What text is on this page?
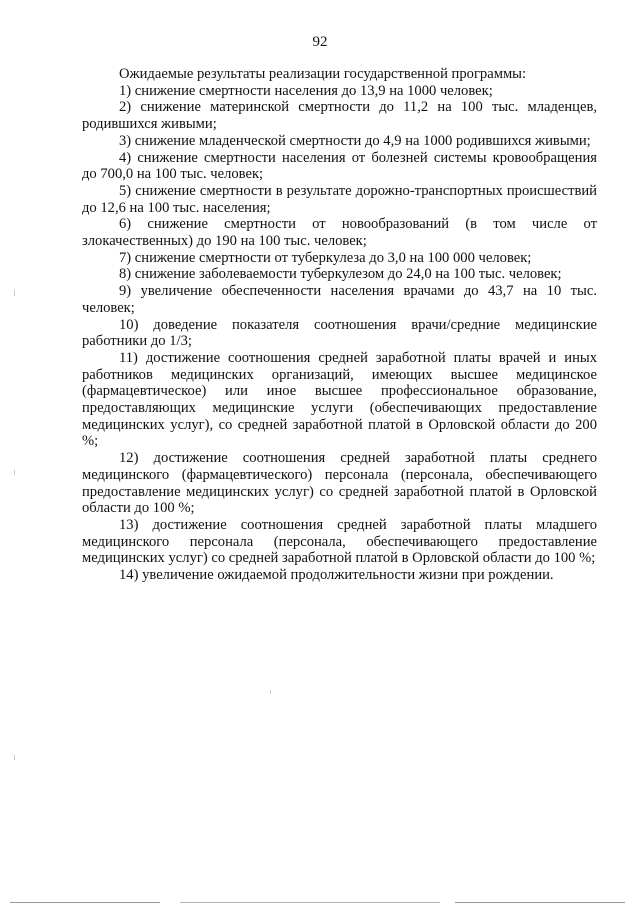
92

Ожидаемые результаты реализации государственной программы:

1) снижение смертности населения до 13,9 на 1000 человек;

2) снижение материнской смертности до 11,2 на 100 тыс. младенцев, родившихся живыми;

3) снижение младенческой смертности до 4,9 на 1000 родившихся живыми;

4) снижение смертности населения от болезней системы кровообращения до 700,0 на 100 тыс. человек;

5) снижение смертности в результате дорожно-транспортных происшествий до 12,6 на 100 тыс. населения;

6) снижение смертности от новообразований (в том числе от злокачественных) до 190 на 100 тыс. человек;

7) снижение смертности от туберкулеза до 3,0 на 100 000 человек;

8) снижение заболеваемости туберкулезом до 24,0 на 100 тыс. человек;

9) увеличение обеспеченности населения врачами до 43,7 на 10 тыс. человек;

10) доведение показателя соотношения врачи/средние медицинские работники до 1/3;

11) достижение соотношения средней заработной платы врачей и иных работников медицинских организаций, имеющих высшее медицинское (фармацевтическое) или иное высшее профессиональное образование, предоставляющих медицинские услуги (обеспечивающих предоставление медицинских услуг), со средней заработной платой в Орловской области до 200 %;

12) достижение соотношения средней заработной платы среднего медицинского (фармацевтического) персонала (персонала, обеспечивающего предоставление медицинских услуг) со средней заработной платой в Орловской области до 100 %;

13) достижение соотношения средней заработной платы младшего медицинского персонала (персонала, обеспечивающего предоставление медицинских услуг) со средней заработной платой в Орловской области до 100 %;

14) увеличение ожидаемой продолжительности жизни при рождении.
